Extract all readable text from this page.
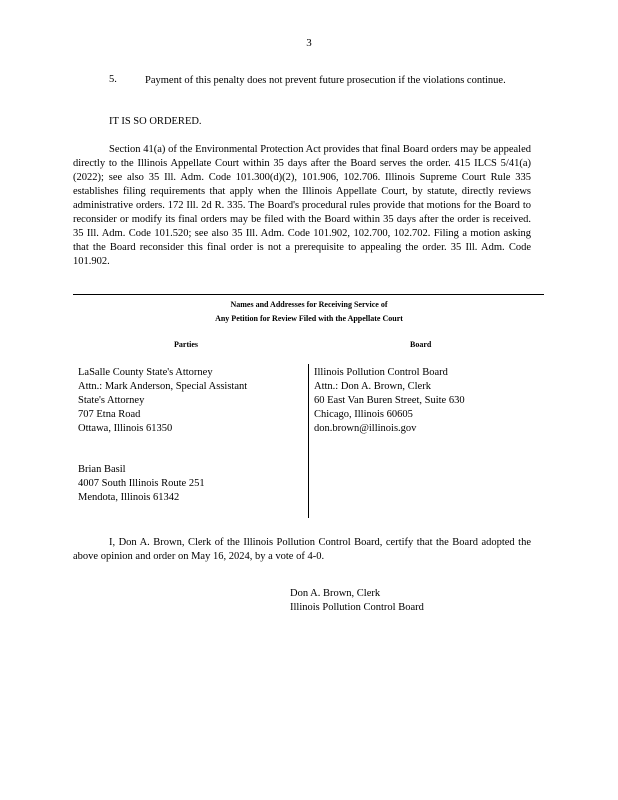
3
5.	Payment of this penalty does not prevent future prosecution if the violations continue.
IT IS SO ORDERED.
Section 41(a) of the Environmental Protection Act provides that final Board orders may be appealed directly to the Illinois Appellate Court within 35 days after the Board serves the order. 415 ILCS 5/41(a) (2022); see also 35 Ill. Adm. Code 101.300(d)(2), 101.906, 102.706. Illinois Supreme Court Rule 335 establishes filing requirements that apply when the Illinois Appellate Court, by statute, directly reviews administrative orders. 172 Ill. 2d R. 335. The Board's procedural rules provide that motions for the Board to reconsider or modify its final orders may be filed with the Board within 35 days after the order is received. 35 Ill. Adm. Code 101.520; see also 35 Ill. Adm. Code 101.902, 102.700, 102.702. Filing a motion asking that the Board reconsider this final order is not a prerequisite to appealing the order. 35 Ill. Adm. Code 101.902.
Names and Addresses for Receiving Service of
Any Petition for Review Filed with the Appellate Court
Parties	Board
LaSalle County State's Attorney
Attn.: Mark Anderson, Special Assistant
State's Attorney
707 Etna Road
Ottawa, Illinois 61350
Brian Basil
4007 South Illinois Route 251
Mendota, Illinois 61342
Illinois Pollution Control Board
Attn.: Don A. Brown, Clerk
60 East Van Buren Street, Suite 630
Chicago, Illinois 60605
don.brown@illinois.gov
I, Don A. Brown, Clerk of the Illinois Pollution Control Board, certify that the Board adopted the above opinion and order on May 16, 2024, by a vote of 4-0.
Don A. Brown, Clerk
Illinois Pollution Control Board
